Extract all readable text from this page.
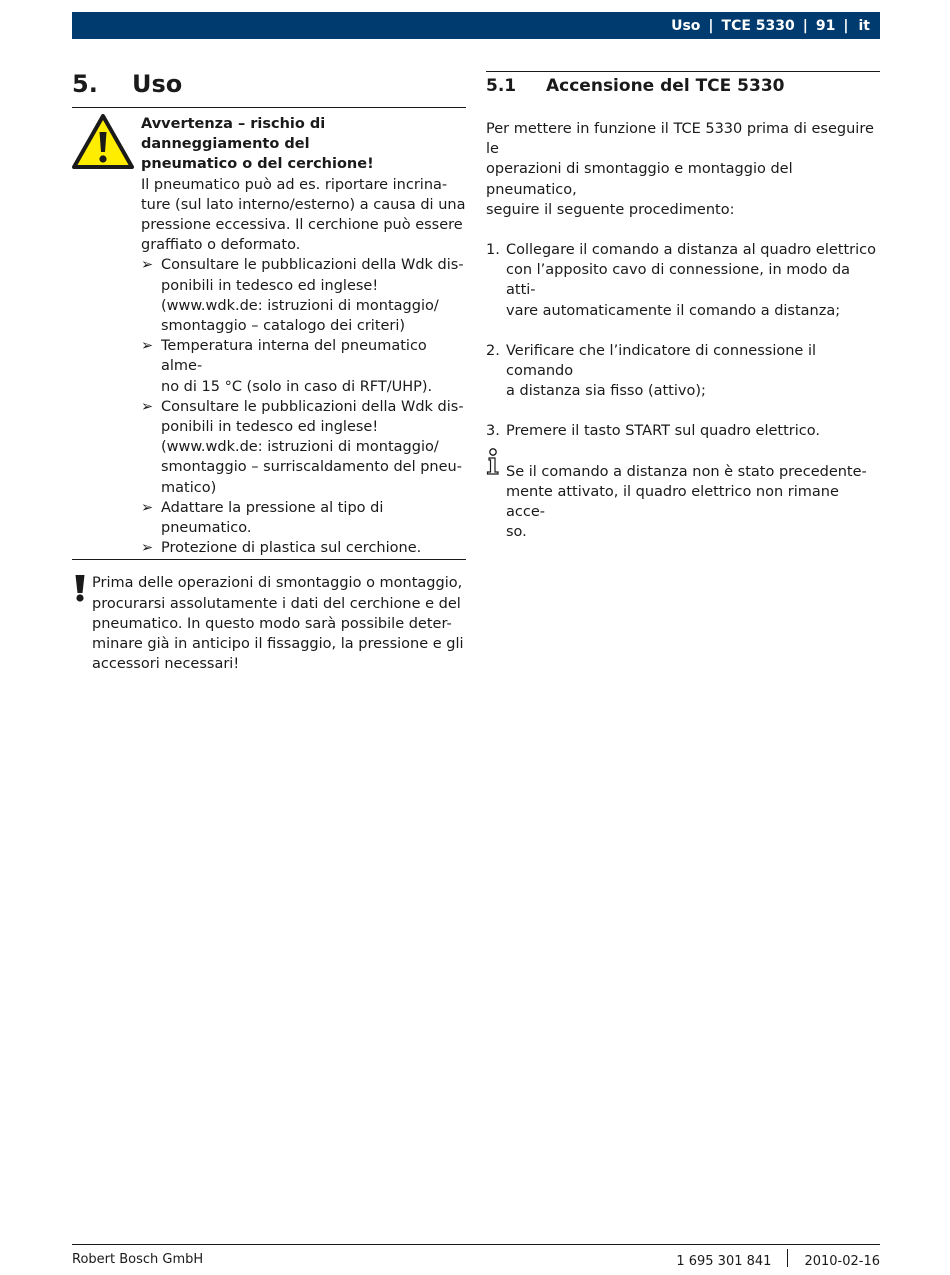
Uso | TCE 5330 | 91 | it
5. Uso
Avvertenza – rischio di danneggiamento del
pneumatico o del cerchione!
Il pneumatico può ad es. riportare incrina-
ture (sul lato interno/esterno) a causa di una
pressione eccessiva. Il cerchione può essere
graffiato o deformato.
➢ Consultare le pubblicazioni della Wdk dis-
ponibili in tedesco ed inglese!
(www.wdk.de: istruzioni di montaggio/
smontaggio – catalogo dei criteri)
➢ Temperatura interna del pneumatico alme-
no di 15 °C (solo in caso di RFT/UHP).
➢ Consultare le pubblicazioni della Wdk dis-
ponibili in tedesco ed inglese!
(www.wdk.de: istruzioni di montaggio/
smontaggio – surriscaldamento del pneu-
matico)
➢ Adattare la pressione al tipo di pneumatico.
➢ Protezione di plastica sul cerchione.
Prima delle operazioni di smontaggio o montaggio,
procurarsi assolutamente i dati del cerchione e del
pneumatico. In questo modo sarà possibile deter-
minare già in anticipo il fissaggio, la pressione e gli
accessori necessari!
5.1 Accensione del TCE 5330
Per mettere in funzione il TCE 5330 prima di eseguire le
operazioni di smontaggio e montaggio del pneumatico,
seguire il seguente procedimento:
1. Collegare il comando a distanza al quadro elettrico
con l’apposito cavo di connessione, in modo da atti-
vare automaticamente il comando a distanza;
2. Verificare che l’indicatore di connessione il comando
a distanza sia fisso (attivo);
3. Premere il tasto START sul quadro elettrico.
Se il comando a distanza non è stato precedente-
mente attivato, il quadro elettrico non rimane acce-
so.
Robert Bosch GmbH	1 695 301 841	2010-02-16
